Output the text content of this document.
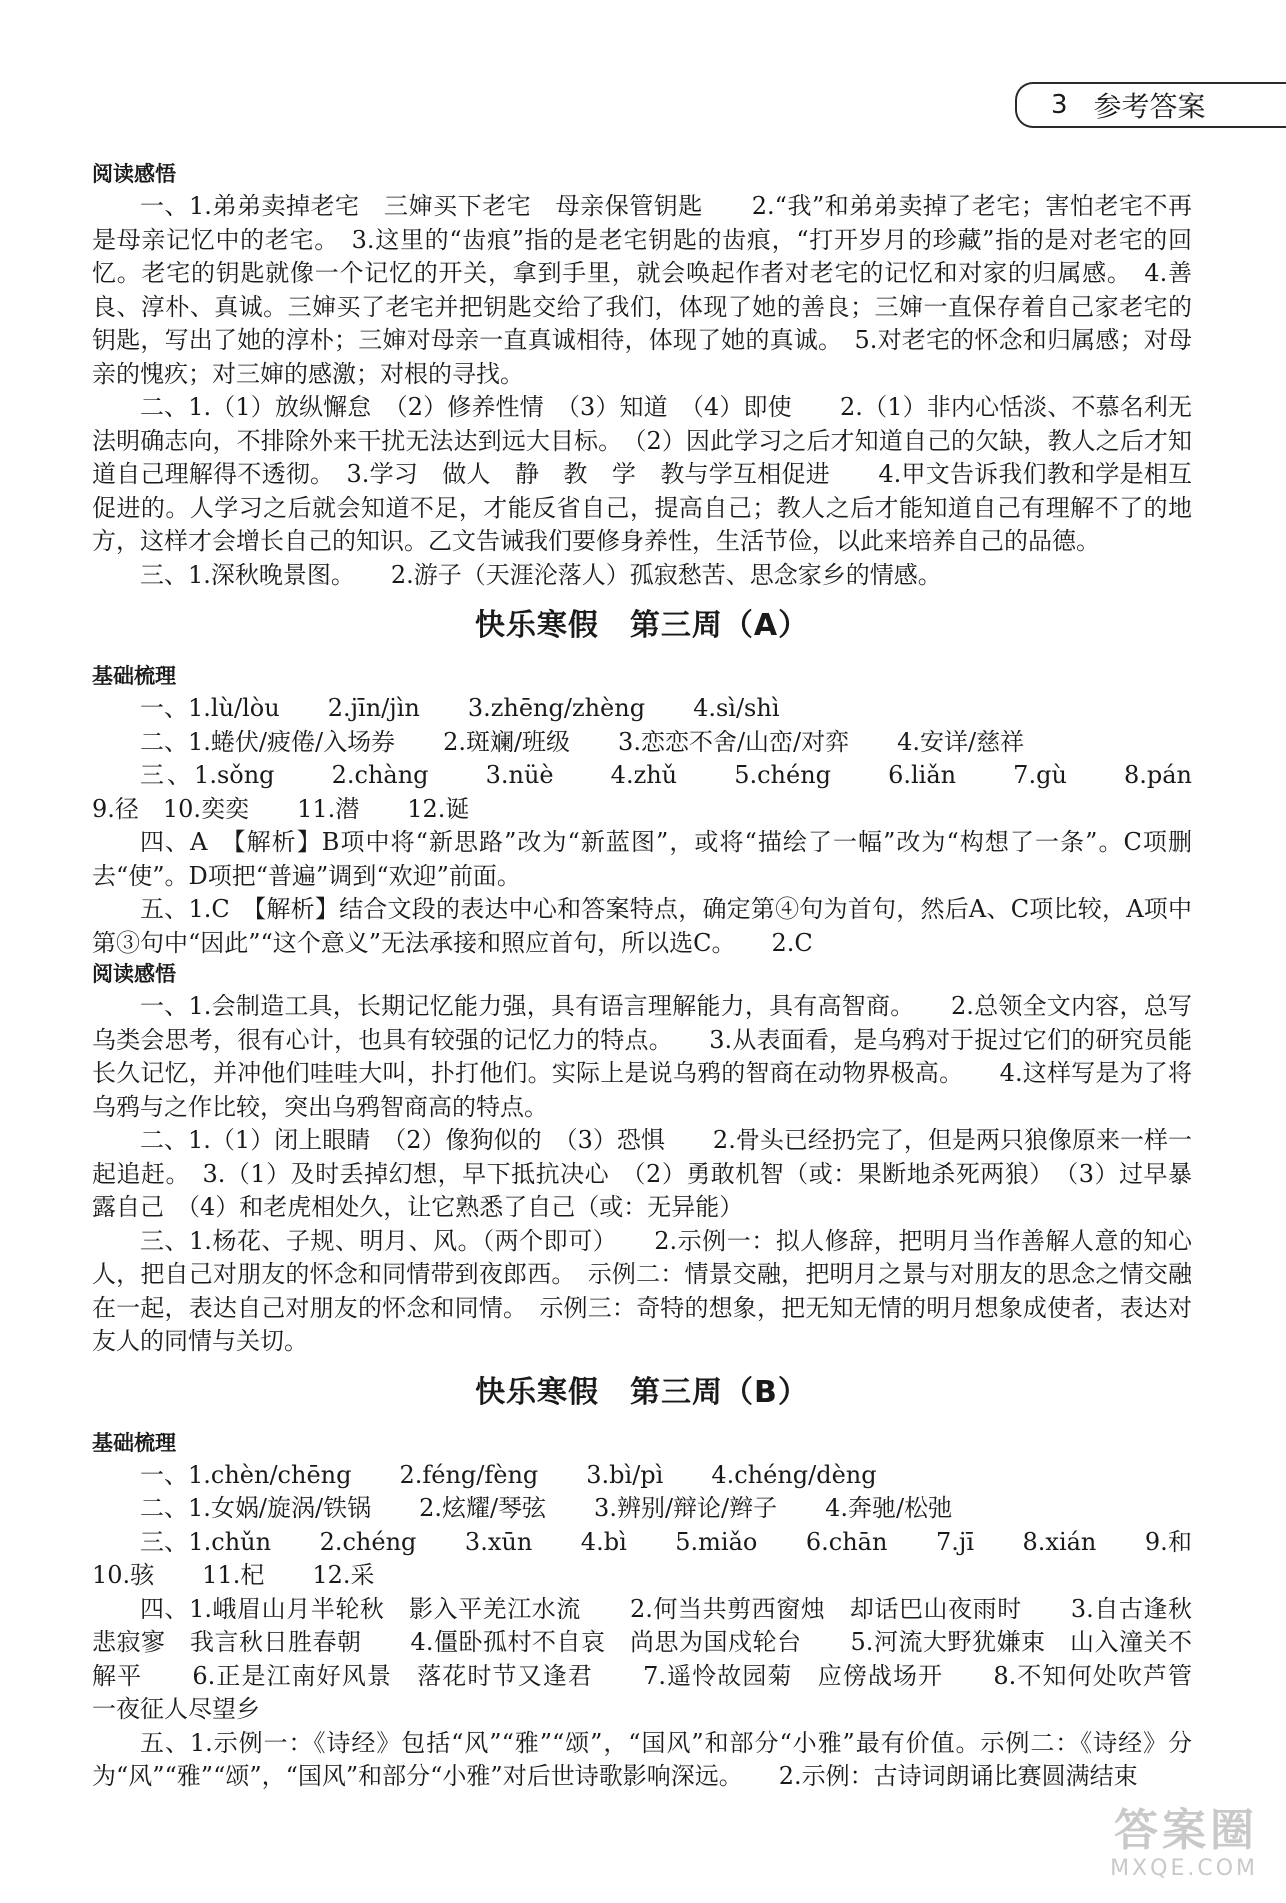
3 参考答案
阅读感悟

一、1.弟弟卖掉老宅　三婶买下老宅　母亲保管钥匙　　2.“我”和弟弟卖掉了老宅；害怕老宅不再是母亲记忆中的老宅。　3.这里的“齿痕”指的是老宅钥匙的齿痕，“打开岁月的珍藏”指的是对老宅的回忆。老宅的钥匙就像一个记忆的开关，拿到手里，就会唤起作者对老宅的记忆和对家的归属感。　4.善良、淳朴、真诚。三婶买了老宅并把钥匙交给了我们，体现了她的善良；三婶一直保存着自己家老宅的钥匙，写出了她的淳朴；三婶对母亲一直真诚相待，体现了她的真诚。　5.对老宅的怀念和归属感；对母亲的愧疚；对三婶的感激；对根的寻找。

二、1.（1）放纵懈怠　（2）修养性情　（3）知道　（4）即使　　2.（1）非内心恬淡、不慕名利无法明确志向，不排除外来干扰无法达到远大目标。　（2）因此学习之后才知道自己的欠缺，教人之后才知道自己理解得不透彻。　3.学习　做人　静　教　学　教与学互相促进　　4.甲文告诉我们教和学是相互促进的。人学习之后就会知道不足，才能反省自己，提高自己；教人之后才能知道自己有理解不了的地方，这样才会增长自己的知识。乙文告诫我们要修身养性，生活节俭，以此来培养自己的品德。

三、1.深秋晚景图。　　2.游子（天涯沦落人）孤寂愁苦、思念家乡的情感。

快乐寒假　第三周（A）
基础梳理

一、1.lù/lòu　　2.jīn/jìn　　3.zhēng/zhèng　　4.sì/shì

二、1.蜷伏/疲倦/入场券　　2.斑斓/班级　　3.恋恋不舍/山峦/对弈　　4.安详/慈祥

三、1.sǒng　　2.chàng　　3.nüè　　4.zhǔ　　5.chéng　　6.liǎn　　7.gù　　8.pán　　9.径　10.奕奕　　11.潜　　12.诞

四、A　【解析】B项中将“新思路”改为“新蓝图”，或将“描绘了一幅”改为“构想了一条”。C项删去“使”。D项把“普遍”调到“欢迎”前面。

五、1.C　【解析】结合文段的表达中心和答案特点，确定第④句为首句，然后A、C项比较，A项中第③句中“因此”“这个意义”无法承接和照应首句，所以选C。　　2.C

阅读感悟

一、1.会制造工具，长期记忆能力强，具有语言理解能力，具有高智商。　　2.总领全文内容，总写乌类会思考，很有心计，也具有较强的记忆力的特点。　　3.从表面看，是乌鸦对于捉过它们的研究员能长久记忆，并冲他们哇哇大叫，扑打他们。实际上是说乌鸦的智商在动物界极高。　　4.这样写是为了将乌鸦与之作比较，突出乌鸦智商高的特点。

二、1.（1）闭上眼睛　（2）像狗似的　（3）恐惧　　2.骨头已经扔完了，但是两只狼像原来一样一起追赶。　3.（1）及时丢掉幻想，早下抵抗决心　（2）勇敢机智（或：果断地杀死两狼）　（3）过早暴露自己　（4）和老虎相处久，让它熟悉了自己（或：无异能）

三、1.杨花、子规、明月、风。（两个即可）　　2.示例一：拟人修辞，把明月当作善解人意的知心人，把自己对朋友的怀念和同情带到夜郎西。　示例二：情景交融，把明月之景与对朋友的思念之情交融在一起，表达自己对朋友的怀念和同情。　示例三：奇特的想象，把无知无情的明月想象成使者，表达对友人的同情与关切。

快乐寒假　第三周（B）
基础梳理

一、1.chèn/chēng　　2.féng/fèng　　3.bì/pì　　4.chéng/dèng

二、1.女娲/旋涡/铁锅　　2.炫耀/琴弦　　3.辨别/辩论/辫子　　4.奔驰/松弛

三、1.chǔn　　2.chéng　　3.xūn　　4.bì　　5.miǎo　　6.chān　　7.jī　　8.xián　　9.和　10.骇　　11.杞　　12.采

四、1.峨眉山月半轮秋　影入平羌江水流　　2.何当共剪西窗烛　却话巴山夜雨时　　3.自古逢秋悲寂寥　我言秋日胜春朝　　4.僵卧孤村不自哀　尚思为国戍轮台　　5.河流大野犹嫌束　山入潼关不解平　　6.正是江南好风景　落花时节又逢君　　7.遥怜故园菊　应傍战场开　　8.不知何处吹芦管　一夜征人尽望乡

五、1.示例一：《诗经》包括“风”“雅”“颂”，“国风”和部分“小雅”最有价值。示例二：《诗经》分为“风”“雅”“颂”，“国风”和部分“小雅”对后世诗歌影响深远。　　2.示例：古诗词朗诵比赛圆满结束

答案圈
MXQE.COM
